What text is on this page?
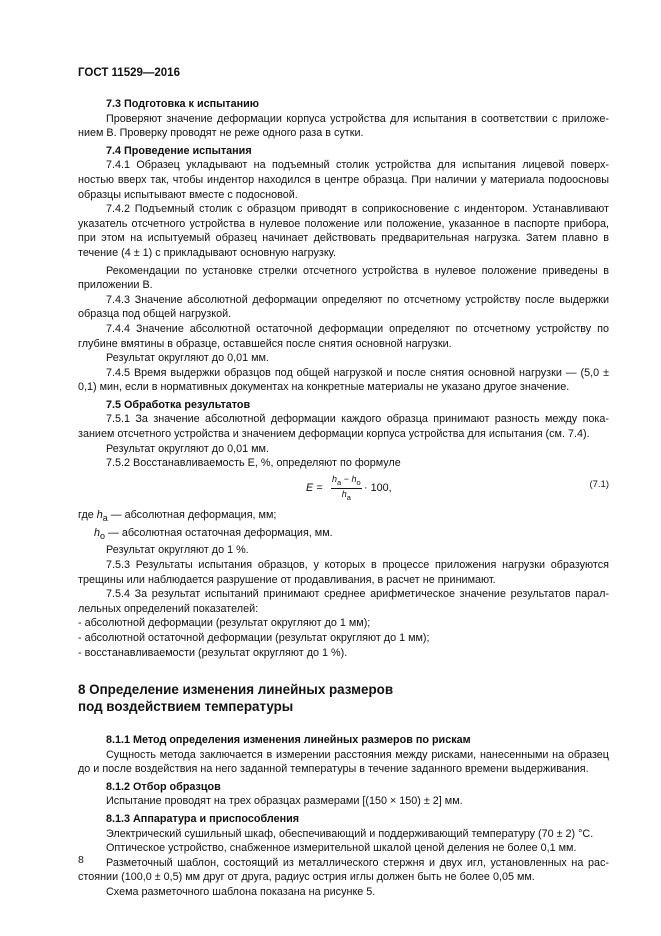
ГОСТ 11529—2016

7.3 Подготовка к испытанию

Проверяют значение деформации корпуса устройства для испытания в соответствии с приложе-нием В. Проверку проводят не реже одного раза в сутки.

7.4 Проведение испытания

7.4.1 Образец укладывают на подъемный столик устройства для испытания лицевой поверх-ностью вверх так, чтобы индентор находился в центре образца. При наличии у материала подоосновы образцы испытывают вместе с подосновой.

7.4.2 Подъемный столик с образцом приводят в соприкосновение с индентором. Устанавливают указатель отсчетного устройства в нулевое положение или положение, указанное в паспорте прибора, при этом на испытуемый образец начинает действовать предварительная нагрузка. Затем плавно в течение (4 ± 1) с прикладывают основную нагрузку.

Рекомендации по установке стрелки отсчетного устройства в нулевое положение приведены в приложении В.

7.4.3 Значение абсолютной деформации определяют по отсчетному устройству после выдержки образца под общей нагрузкой.

7.4.4 Значение абсолютной остаточной деформации определяют по отсчетному устройству по глубине вмятины в образце, оставшейся после снятия основной нагрузки.

Результат округляют до 0,01 мм.

7.4.5 Время выдержки образцов под общей нагрузкой и после снятия основной нагрузки — (5,0 ± 0,1) мин, если в нормативных документах на конкретные материалы не указано другое значение.

7.5 Обработка результатов

7.5.1 За значение абсолютной деформации каждого образца принимают разность между пока-занием отсчетного устройства и значением деформации корпуса устройства для испытания (см. 7.4).

Результат округляют до 0,01 мм.

7.5.2 Восстанавливаемость E, %, определяют по формуле

$E = \frac{h_a - h_o}{h_a} \cdot 100$,	(7.1)

где $h_a$ — абсолютная деформация, мм;

$h_o$ — абсолютная остаточная деформация, мм.

Результат округляют до 1 %.

7.5.3 Результаты испытания образцов, у которых в процессе приложения нагрузки образуются трещины или наблюдается разрушение от продавливания, в расчет не принимают.

7.5.4 За результат испытаний принимают среднее арифметическое значение результатов парал-лельных определений показателей:

- абсолютной деформации (результат округляют до 1 мм);

- абсолютной остаточной деформации (результат округляют до 1 мм);

- восстанавливаемости (результат округляют до 1 %).

8 Определение изменения линейных размеров
под воздействием температуры

8.1.1 Метод определения изменения линейных размеров по рискам

Сущность метода заключается в измерении расстояния между рисками, нанесенными на образец до и после воздействия на него заданной температуры в течение заданного времени выдерживания.

8.1.2 Отбор образцов

Испытание проводят на трех образцах размерами [(150 × 150) ± 2] мм.

8.1.3 Аппаратура и приспособления

Электрический сушильный шкаф, обеспечивающий и поддерживающий температуру (70 ± 2) °С.

Оптическое устройство, снабженное измерительной шкалой ценой деления не более 0,1 мм.

Разметочный шаблон, состоящий из металлического стержня и двух игл, установленных на рас-стоянии (100,0 ± 0,5) мм друг от друга, радиус острия иглы должен быть не более 0,05 мм.

Схема разметочного шаблона показана на рисунке 5.

8
